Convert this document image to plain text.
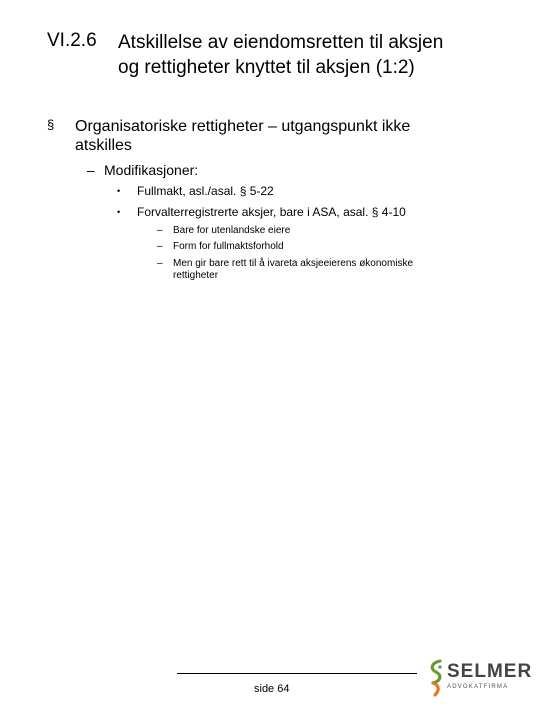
VI.2.6 Atskillelse av eiendomsretten til aksjen
og rettigheter knyttet til aksjen (1:2)
§ Organisatoriske rettigheter – utgangspunkt ikke
atskilles
– Modifikasjoner:
• Fullmakt, asl./asal. § 5-22
• Forvalterregistrerte aksjer, bare i ASA, asal. § 4-10
– Bare for utenlandske eiere
– Form for fullmaktsforhold
– Men gir bare rett til å ivareta aksjeeierens økonomiske
rettigheter
side 64
SELMER
ADVOKATFIRMA
